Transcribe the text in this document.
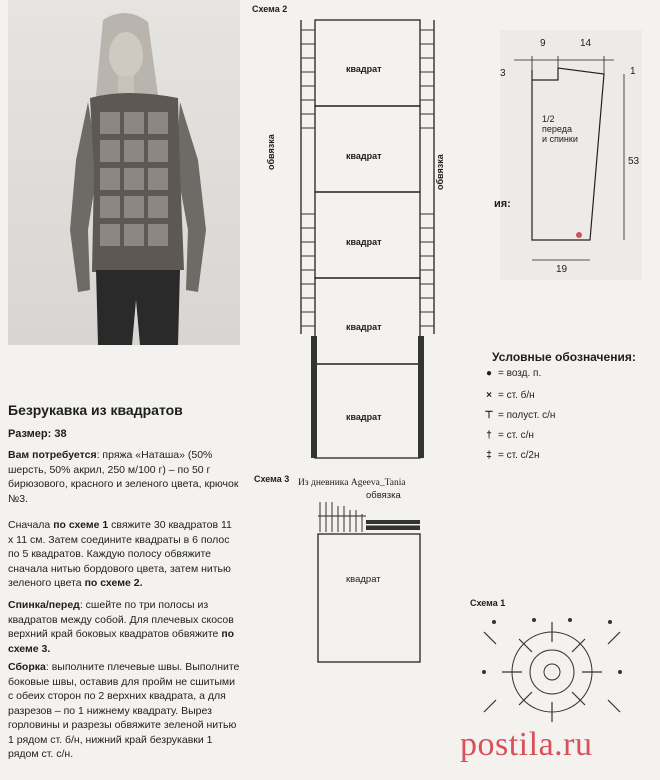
Безрукавка из квадратов
Размер: 38
Вам потребуется: пряжа «Наташа» (50% шерсть, 50% акрил, 250 м/100 г) – по 50 г бирюзового, красного и зеленого цвета, крючок №3.
Сначала по схеме 1 свяжите 30 квадратов 11 x 11 см. Затем соедините квадраты в 6 полос по 5 квадратов. Каждую полосу обвяжите сначала нитью бордового цвета, затем нитью зеленого цвета по схеме 2.
Спинка/перед: сшейте по три полосы из квадратов между собой. Для плечевых скосов верхний край боковых квадратов обвяжите по схеме 3.
Сборка: выполните плечевые швы. Выполните боковые швы, оставив для пройм не сшитыми с обеих сторон по 2 верхних квадрата, а для разрезов – по 1 нижнему квадрату. Вырез горловины и разрезы обвяжите зеленой нитью 1 рядом ст. б/н, нижний край безрукавки 1 рядом ст. с/н.
Схема 2
квадрат
квадрат
квадрат
квадрат
квадрат
обвязка
обвязка
9	14
3	1
53
19
1/2
переда
и спинки
ия:
Условные обозначения:
● = возд. п.
× = ст. б/н
⊤ = полуст. с/н
† = ст. с/н
‡ = ст. с/2н
Схема 3 Из дневника Ageeva_Tania
обвязка
квадрат
Схема 1
postila.ru
